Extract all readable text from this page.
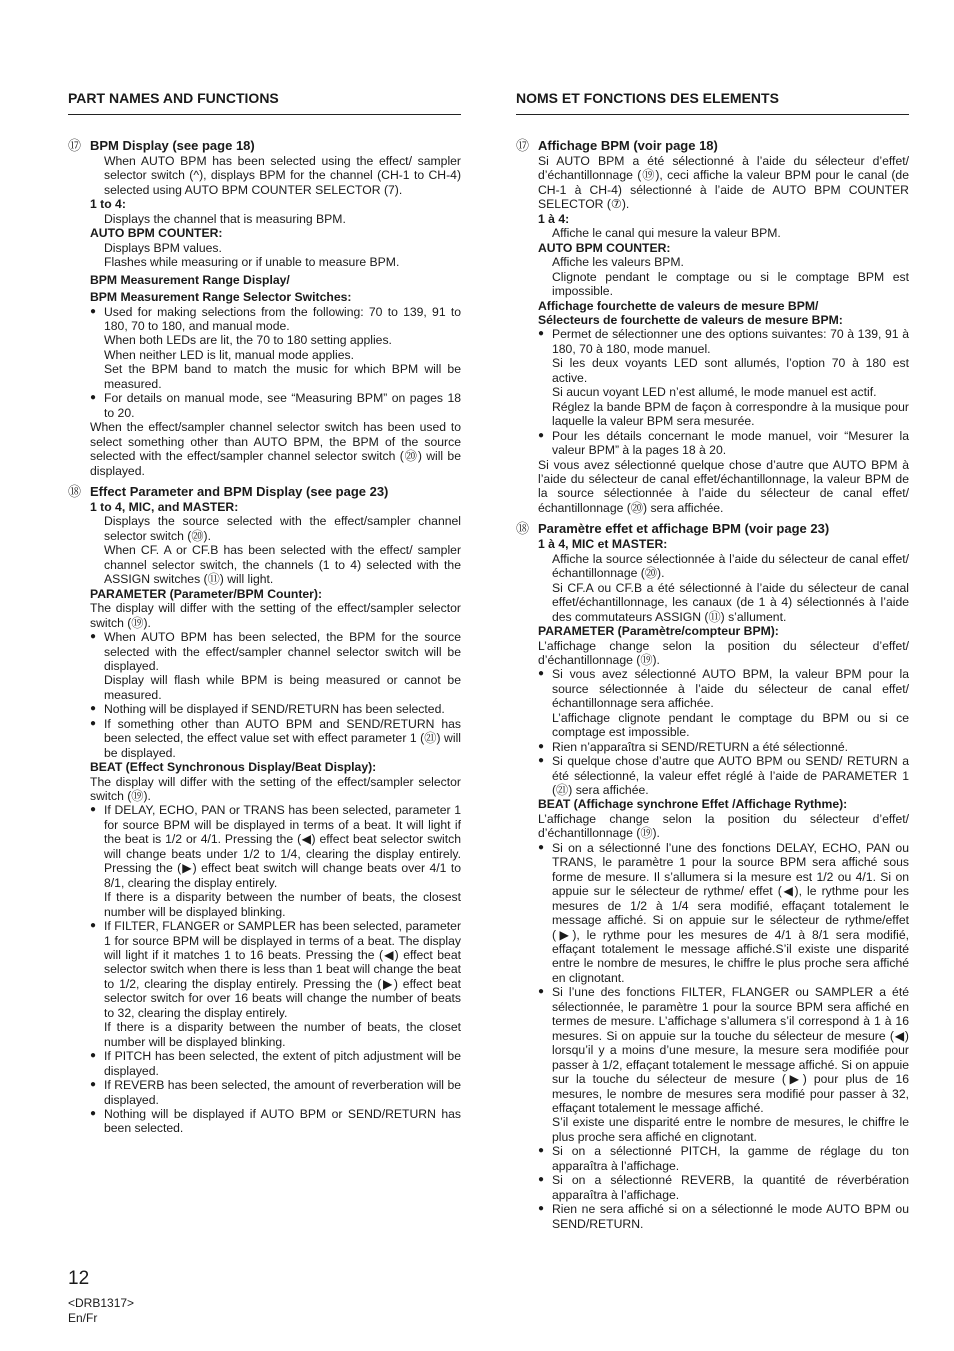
PART NAMES AND FUNCTIONS
⑰ BPM Display (see page 18)
When AUTO BPM has been selected using the effect/ sampler selector switch (^), displays BPM for the channel (CH-1 to CH-4) selected using AUTO BPM COUNTER SELECTOR (7).
1 to 4:
Displays the channel that is measuring BPM.
AUTO BPM COUNTER:
Displays BPM values.
Flashes while measuring or if unable to measure BPM.
BPM Measurement Range Display/
BPM Measurement Range Selector Switches:
● Used for making selections from the following: 70 to 139, 91 to 180, 70 to 180, and manual mode.
When both LEDs are lit, the 70 to 180 setting applies.
When neither LED is lit, manual mode applies.
Set the BPM band to match the music for which BPM will be measured.
● For details on manual mode, see “Measuring BPM” on pages 18 to 20.
When the effect/sampler channel selector switch has been used to select something other than AUTO BPM, the BPM of the source selected with the effect/sampler channel selector switch (⑳) will be displayed.
⑱ Effect Parameter and BPM Display (see page 23)
1 to 4, MIC, and MASTER:
Displays the source selected with the effect/sampler channel selector switch (⑳).
When CF. A or CF.B has been selected with the effect/ sampler channel selector switch, the channels (1 to 4) selected with the ASSIGN switches (⑪) will light.
PARAMETER (Parameter/BPM Counter):
The display will differ with the setting of the effect/sampler selector switch (⑲).
● When AUTO BPM has been selected, the BPM for the source selected with the effect/sampler channel selector switch will be displayed.
Display will flash while BPM is being measured or cannot be measured.
● Nothing will be displayed if SEND/RETURN has been selected.
● If something other than AUTO BPM and SEND/RETURN has been selected, the effect value set with effect parameter 1 (㉑) will be displayed.
BEAT (Effect Synchronous Display/Beat Display):
The display will differ with the setting of the effect/sampler selector switch (⑲).
● If DELAY, ECHO, PAN or TRANS has been selected, parameter 1 for source BPM will be displayed in terms of a beat. It will light if the beat is 1/2 or 4/1. Pressing the (◀) effect beat selector switch will change beats under 1/2 to 1/4, clearing the display entirely. Pressing the (▶) effect beat switch will change beats over 4/1 to 8/1, clearing the display entirely.
If there is a disparity between the number of beats, the closest number will be displayed blinking.
● If FILTER, FLANGER or SAMPLER has been selected, parameter 1 for source BPM will be displayed in terms of a beat. The display will light if it matches 1 to 16 beats. Pressing the (◀) effect beat selector switch when there is less than 1 beat will change the beat to 1/2, clearing the display entirely. Pressing the (▶) effect beat selector switch for over 16 beats will change the number of beats to 32, clearing the display entirely.
If there is a disparity between the number of beats, the closet number will be displayed blinking.
● If PITCH has been selected, the extent of pitch adjustment will be displayed.
● If REVERB has been selected, the amount of reverberation will be displayed.
● Nothing will be displayed if AUTO BPM or SEND/RETURN has been selected.
NOMS ET FONCTIONS DES ELEMENTS
⑰ Affichage BPM (voir page 18)
Si AUTO BPM a été sélectionné à l’aide du sélecteur d’effet/ d’échantillonnage (⑲), ceci affiche la valeur BPM pour le canal (de CH-1 à CH-4) sélectionné à l’aide de AUTO BPM COUNTER SELECTOR (⑦).
1 à 4:
Affiche le canal qui mesure la valeur BPM.
AUTO BPM COUNTER:
Affiche les valeurs BPM.
Clignote pendant le comptage ou si le comptage BPM est impossible.
Affichage fourchette de valeurs de mesure BPM/
Sélecteurs de fourchette de valeurs de mesure BPM:
● Permet de sélectionner une des options suivantes: 70 à 139, 91 à 180, 70 à 180, mode manuel.
Si les deux voyants LED sont allumés, l’option 70 à 180 est active.
Si aucun voyant LED n’est allumé, le mode manuel est actif.
Réglez la bande BPM de façon à correspondre à la musique pour laquelle la valeur BPM sera mesurée.
● Pour les détails concernant le mode manuel, voir “Mesurer la valeur BPM” à la pages 18 à 20.
Si vous avez sélectionné quelque chose d’autre que AUTO BPM à l’aide du sélecteur de canal effet/échantillonnage, la valeur BPM de la source sélectionnée à l’aide du sélecteur de canal effet/échantillonnage (⑳) sera affichée.
⑱ Paramètre effet et affichage BPM (voir page 23)
1 à 4, MIC et MASTER:
Affiche la source sélectionnée à l’aide du sélecteur de canal effet/échantillonnage (⑳).
Si CF.A ou CF.B a été sélectionné à l’aide du sélecteur de canal effet/échantillonnage, les canaux (de 1 à 4) sélectionnés à l’aide des commutateurs ASSIGN (⑪) s’allument.
PARAMETER (Paramètre/compteur BPM):
L’affichage change selon la position du sélecteur d’effet/ d’échantillonnage (⑲).
● Si vous avez sélectionné AUTO BPM, la valeur BPM pour la source sélectionnée à l’aide du sélecteur de canal effet/ échantillonnage sera affichée.
L’affichage clignote pendant le comptage du BPM ou si ce comptage est impossible.
● Rien n’apparaîtra si SEND/RETURN a été sélectionné.
● Si quelque chose d’autre que AUTO BPM ou SEND/ RETURN a été sélectionné, la valeur effet réglé à l’aide de PARAMETER 1 (㉑) sera affichée.
BEAT (Affichage synchrone Effet /Affichage Rythme):
L’affichage change selon la position du sélecteur d’effet/ d’échantillonnage (⑲).
● Si on a sélectionné l’une des fonctions DELAY, ECHO, PAN ou TRANS, le paramètre 1 pour la source BPM sera affiché sous forme de mesure. Il s’allumera si la mesure est 1/2 ou 4/1. Si on appuie sur le sélecteur de rythme/ effet (◀), le rythme pour les mesures de 1/2 à 1/4 sera modifié, effaçant totalement le message affiché. Si on appuie sur le sélecteur de rythme/effet (▶), le rythme pour les mesures de 4/1 à 8/1 sera modifié, effaçant totalement le message affiché.S’il existe une disparité entre le nombre de mesures, le chiffre le plus proche sera affiché en clignotant.
● Si l’une des fonctions FILTER, FLANGER ou SAMPLER a été sélectionnée, le paramètre 1 pour la source BPM sera affiché en termes de mesure. L’affichage s’allumera s’il correspond à 1 à 16 mesures. Si on appuie sur la touche du sélecteur de mesure (◀) lorsqu’il y a moins d’une mesure, la mesure sera modifiée pour passer à 1/2, effaçant totalement le message affiché. Si on appuie sur la touche du sélecteur de mesure (▶) pour plus de 16 mesures, le nombre de mesures sera modifié pour passer à 32, effaçant totalement le message affiché.
S’il existe une disparité entre le nombre de mesures, le chiffre le plus proche sera affiché en clignotant.
● Si on a sélectionné PITCH, la gamme de réglage du ton apparaîtra à l’affichage.
● Si on a sélectionné REVERB, la quantité de réverbération apparaîtra à l’affichage.
● Rien ne sera affiché si on a sélectionné le mode AUTO BPM ou SEND/RETURN.
12
<DRB1317>
En/Fr
